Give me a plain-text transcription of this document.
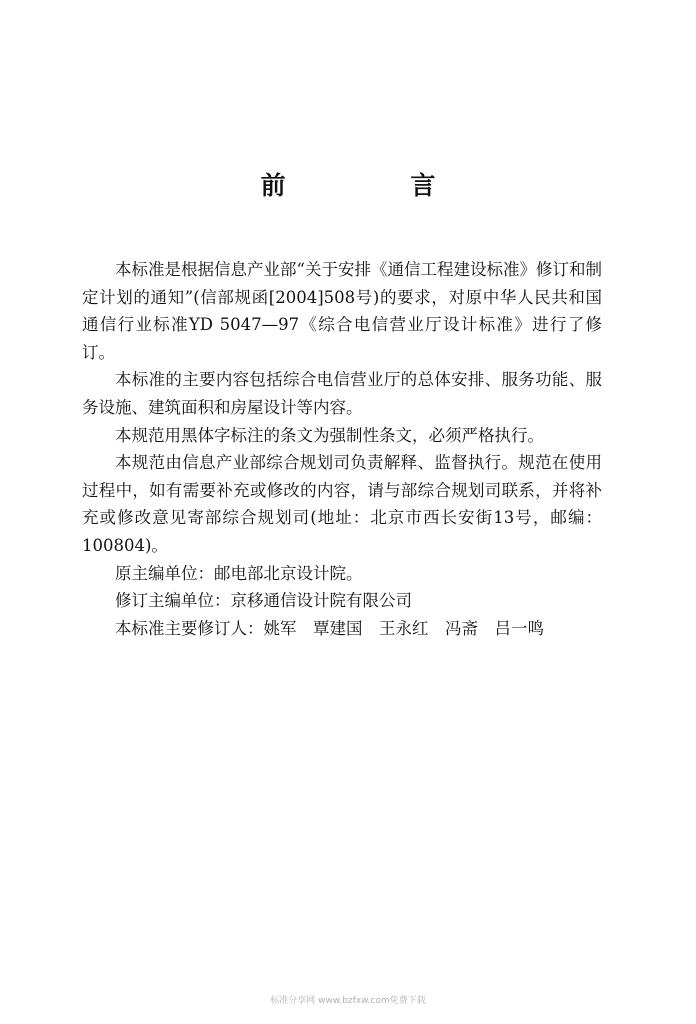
前 言

本标准是根据信息产业部“关于安排《通信工程建设标准》修订和制定计划的通知”(信部规函[2004]508号)的要求，对原中华人民共和国通信行业标准YD 5047—97《综合电信营业厅设计标准》进行了修订。

本标准的主要内容包括综合电信营业厅的总体安排、服务功能、服务设施、建筑面积和房屋设计等内容。

本规范用黑体字标注的条文为强制性条文，必须严格执行。

本规范由信息产业部综合规划司负责解释、监督执行。规范在使用过程中，如有需要补充或修改的内容，请与部综合规划司联系，并将补充或修改意见寄部综合规划司(地址：北京市西长安街13号，邮编：100804)。

原主编单位：邮电部北京设计院。

修订主编单位：京移通信设计院有限公司

本标准主要修订人：姚军　覃建国　王永红　冯斋　吕一鸣

标准分享网 www.bzfxw.com免费下载
